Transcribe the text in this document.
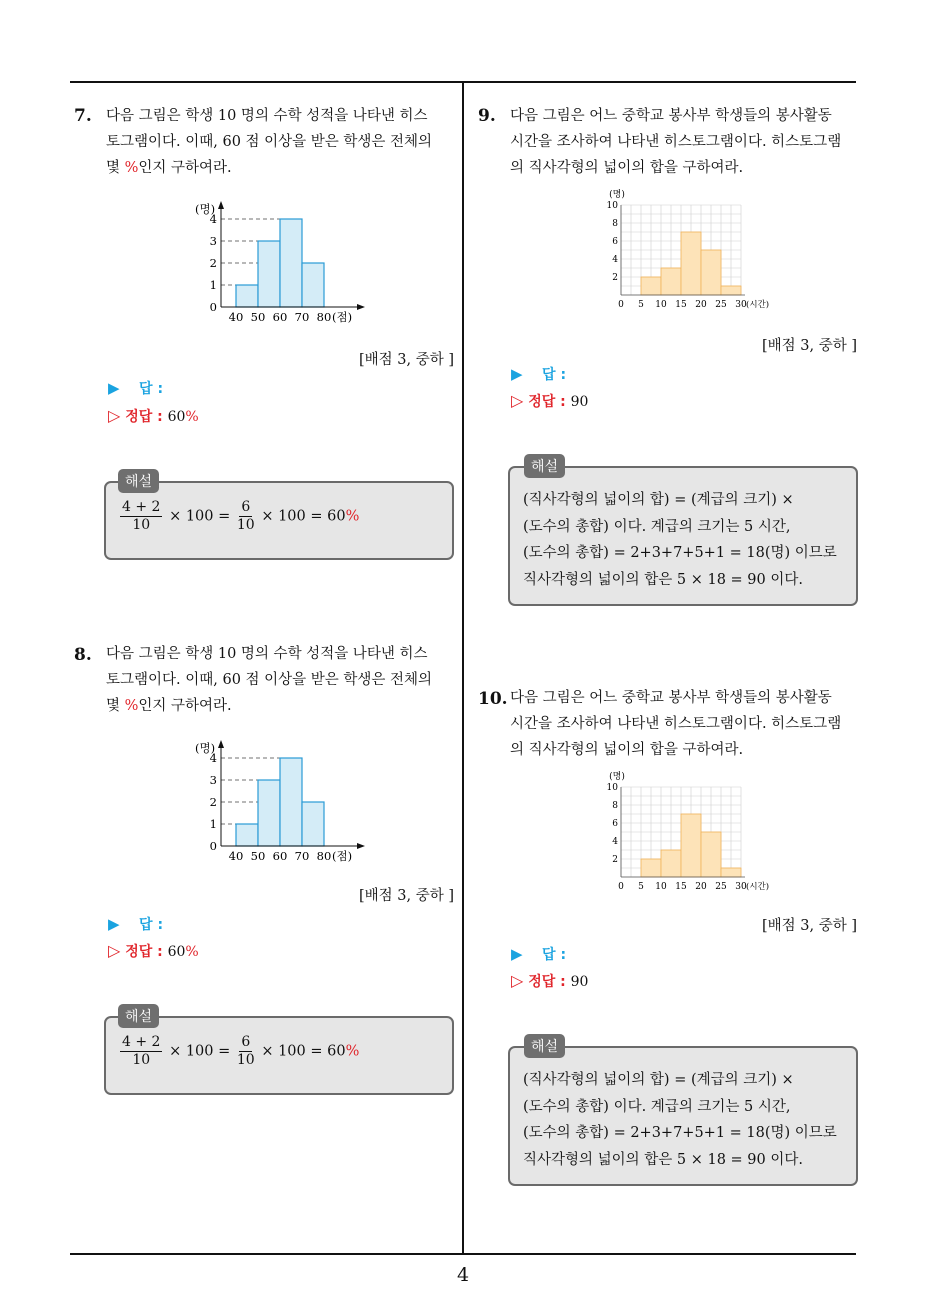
4
7. 다음 그림은 학생 10 명의 수학 성적을 나타낸 히스
토그램이다. 이때, 60 점 이상을 받은 학생은 전체의
몇 %인지 구하여라.
0
1
2
3
4
(명)
40 50 60 70 80 (점)
[배점 3, 중하 ]
▶ 답 :
▷ 정답 : 60%
$\frac{4 + 2}{10} \times 100 = \frac{6}{10} \times 100 = 60\%$
해설
8. 다음 그림은 학생 10 명의 수학 성적을 나타낸 히스
토그램이다. 이때, 60 점 이상을 받은 학생은 전체의
몇 %인지 구하여라.
0
1
2
3
4
(명)
40 50 60 70 80 (점)
[배점 3, 중하 ]
▶ 답 :
▷ 정답 : 60%
$\frac{4 + 2}{10} \times 100 = \frac{6}{10} \times 100 = 60\%$
해설
9. 다음 그림은 어느 중학교 봉사부 학생들의 봉사활동
시간을 조사하여 나타낸 히스토그램이다. 히스토그램
의 직사각형의 넓이의 합을 구하여라.
2
4
6
8
10
(명)
0 5 10 15 20 25 30 (시간)
[배점 3, 중하 ]
▶ 답 :
▷ 정답 : 90
(직사각형의 넓이의 합) = (계급의 크기) ×
(도수의 총합) 이다. 계급의 크기는 5 시간,
(도수의 총합) = 2+3+7+5+1 = 18(명) 이므로
직사각형의 넓이의 합은 5 × 18 = 90 이다.
해설
10. 다음 그림은 어느 중학교 봉사부 학생들의 봉사활동
시간을 조사하여 나타낸 히스토그램이다. 히스토그램
의 직사각형의 넓이의 합을 구하여라.
2
4
6
8
10
(명)
0 5 10 15 20 25 30 (시간)
[배점 3, 중하 ]
▶ 답 :
▷ 정답 : 90
(직사각형의 넓이의 합) = (계급의 크기) ×
(도수의 총합) 이다. 계급의 크기는 5 시간,
(도수의 총합) = 2+3+7+5+1 = 18(명) 이므로
직사각형의 넓이의 합은 5 × 18 = 90 이다.
해설
